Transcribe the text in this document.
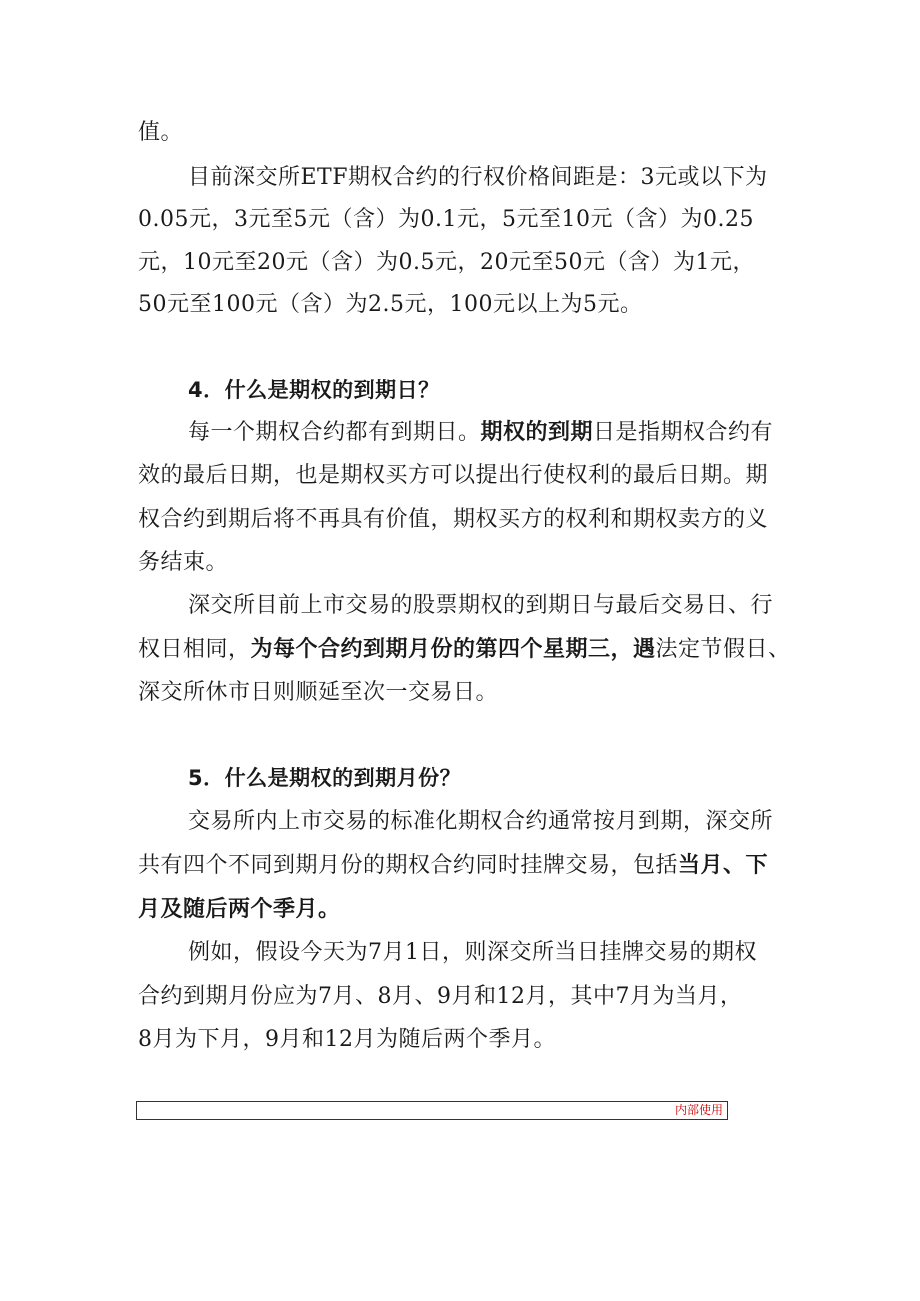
值。
目前深交所ETF期权合约的行权价格间距是：3元或以下为
0.05元，3元至5元（含）为0.1元，5元至10元（含）为0.25
元，10元至20元（含）为0.5元，20元至50元（含）为1元，
50元至100元（含）为2.5元，100元以上为5元。
4．什么是期权的到期日？
每一个期权合约都有到期日。期权的到期日是指期权合约有
效的最后日期，也是期权买方可以提出行使权利的最后日期。期
权合约到期后将不再具有价值，期权买方的权利和期权卖方的义
务结束。
深交所目前上市交易的股票期权的到期日与最后交易日、行
权日相同，为每个合约到期月份的第四个星期三，遇法定节假日、
深交所休市日则顺延至次一交易日。
5．什么是期权的到期月份？
交易所内上市交易的标准化期权合约通常按月到期，深交所
共有四个不同到期月份的期权合约同时挂牌交易，包括当月、下
月及随后两个季月。
例如，假设今天为7月1日，则深交所当日挂牌交易的期权
合约到期月份应为7月、8月、9月和12月，其中7月为当月，
8月为下月，9月和12月为随后两个季月。
内部使用
